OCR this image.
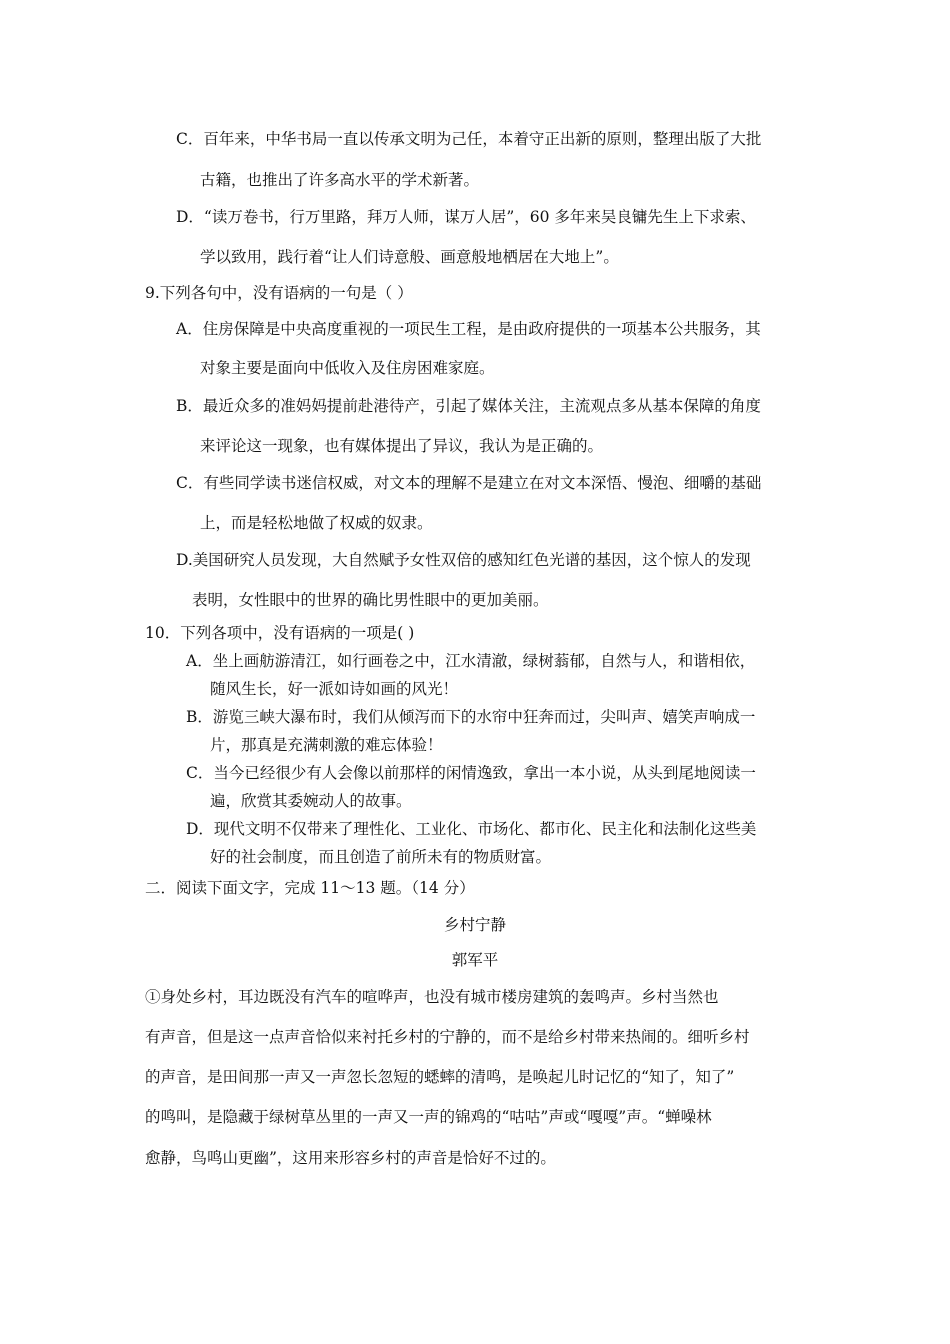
C．百年来，中华书局一直以传承文明为己任，本着守正出新的原则，整理出版了大批
古籍，也推出了许多高水平的学术新著。
D．“读万卷书，行万里路，拜万人师，谋万人居”，60 多年来吴良镛先生上下求索、
学以致用，践行着“让人们诗意般、画意般地栖居在大地上”。
9.下列各句中，没有语病的一句是（ ）
A．住房保障是中央高度重视的一项民生工程，是由政府提供的一项基本公共服务，其
对象主要是面向中低收入及住房困难家庭。
B．最近众多的准妈妈提前赴港待产，引起了媒体关注，主流观点多从基本保障的角度
来评论这一现象，也有媒体提出了异议，我认为是正确的。
C．有些同学读书迷信权威，对文本的理解不是建立在对文本深悟、慢泡、细嚼的基础
上，而是轻松地做了权威的奴隶。
D.美国研究人员发现，大自然赋予女性双倍的感知红色光谱的基因，这个惊人的发现
表明，女性眼中的世界的确比男性眼中的更加美丽。
10．下列各项中，没有语病的一项是( )
A．坐上画舫游清江，如行画卷之中，江水清澈，绿树蓊郁，自然与人，和谐相依，
随风生长，好一派如诗如画的风光！
B．游览三峡大瀑布时，我们从倾泻而下的水帘中狂奔而过，尖叫声、嬉笑声响成一
片，那真是充满刺激的难忘体验！
C．当今已经很少有人会像以前那样的闲情逸致，拿出一本小说，从头到尾地阅读一
遍，欣赏其委婉动人的故事。
D．现代文明不仅带来了理性化、工业化、市场化、都市化、民主化和法制化这些美
好的社会制度，而且创造了前所未有的物质财富。
二．阅读下面文字，完成 11～13 题。（14 分）
乡村宁静
郭军平
①身处乡村，耳边既没有汽车的喧哗声，也没有城市楼房建筑的轰鸣声。乡村当然也
有声音，但是这一点声音恰似来衬托乡村的宁静的，而不是给乡村带来热闹的。细听乡村
的声音，是田间那一声又一声忽长忽短的蟋蟀的清鸣，是唤起儿时记忆的“知了，知了”
的鸣叫，是隐藏于绿树草丛里的一声又一声的锦鸡的“咕咕”声或“嘎嘎”声。“蝉噪林
愈静，鸟鸣山更幽”，这用来形容乡村的声音是恰好不过的。
